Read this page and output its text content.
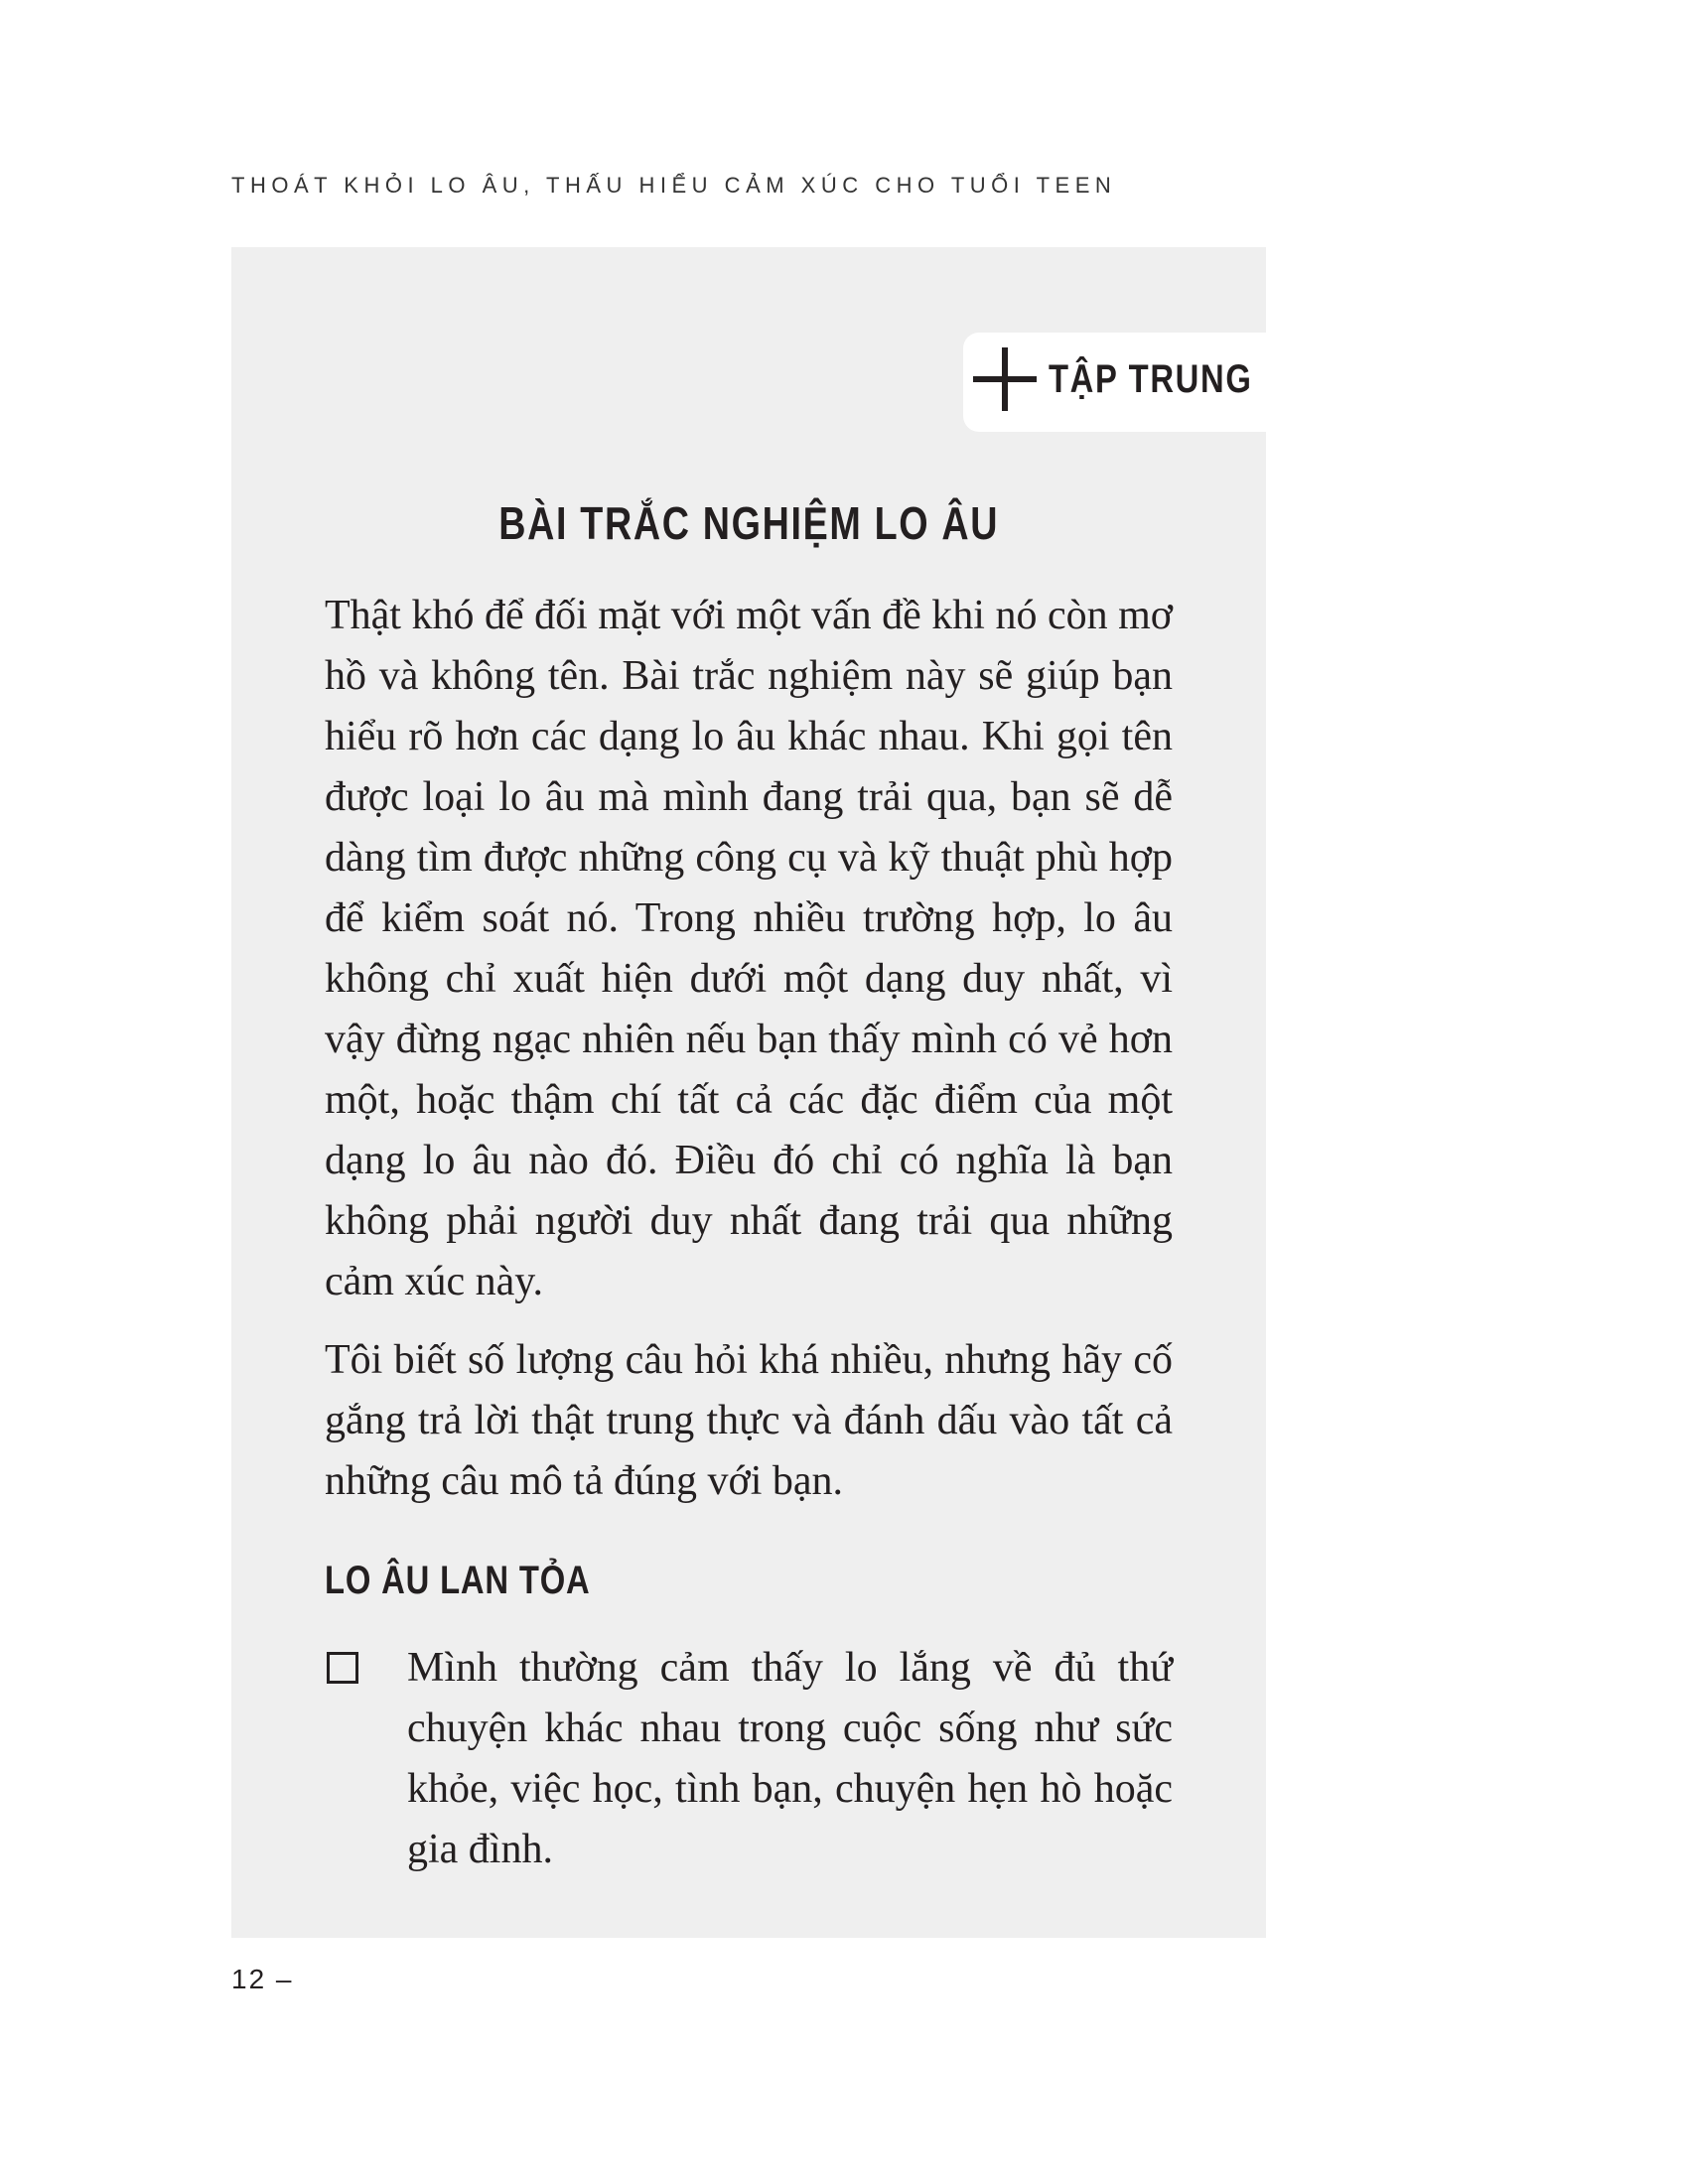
THOÁT KHỎI LO ÂU, THẤU HIỂU CẢM XÚC CHO TUỔI TEEN
TẬP TRUNG
BÀI TRẮC NGHIỆM LO ÂU

Thật khó để đối mặt với một vấn đề khi nó còn mơ hồ và không tên. Bài trắc nghiệm này sẽ giúp bạn hiểu rõ hơn các dạng lo âu khác nhau. Khi gọi tên được loại lo âu mà mình đang trải qua, bạn sẽ dễ dàng tìm được những công cụ và kỹ thuật phù hợp để kiểm soát nó. Trong nhiều trường hợp, lo âu không chỉ xuất hiện dưới một dạng duy nhất, vì vậy đừng ngạc nhiên nếu bạn thấy mình có vẻ hơn một, hoặc thậm chí tất cả các đặc điểm của một dạng lo âu nào đó. Điều đó chỉ có nghĩa là bạn không phải người duy nhất đang trải qua những cảm xúc này.

Tôi biết số lượng câu hỏi khá nhiều, nhưng hãy cố gắng trả lời thật trung thực và đánh dấu vào tất cả những câu mô tả đúng với bạn.

LO ÂU LAN TỎA

Mình thường cảm thấy lo lắng về đủ thứ chuyện khác nhau trong cuộc sống như sức khỏe, việc học, tình bạn, chuyện hẹn hò hoặc gia đình.

12 –
